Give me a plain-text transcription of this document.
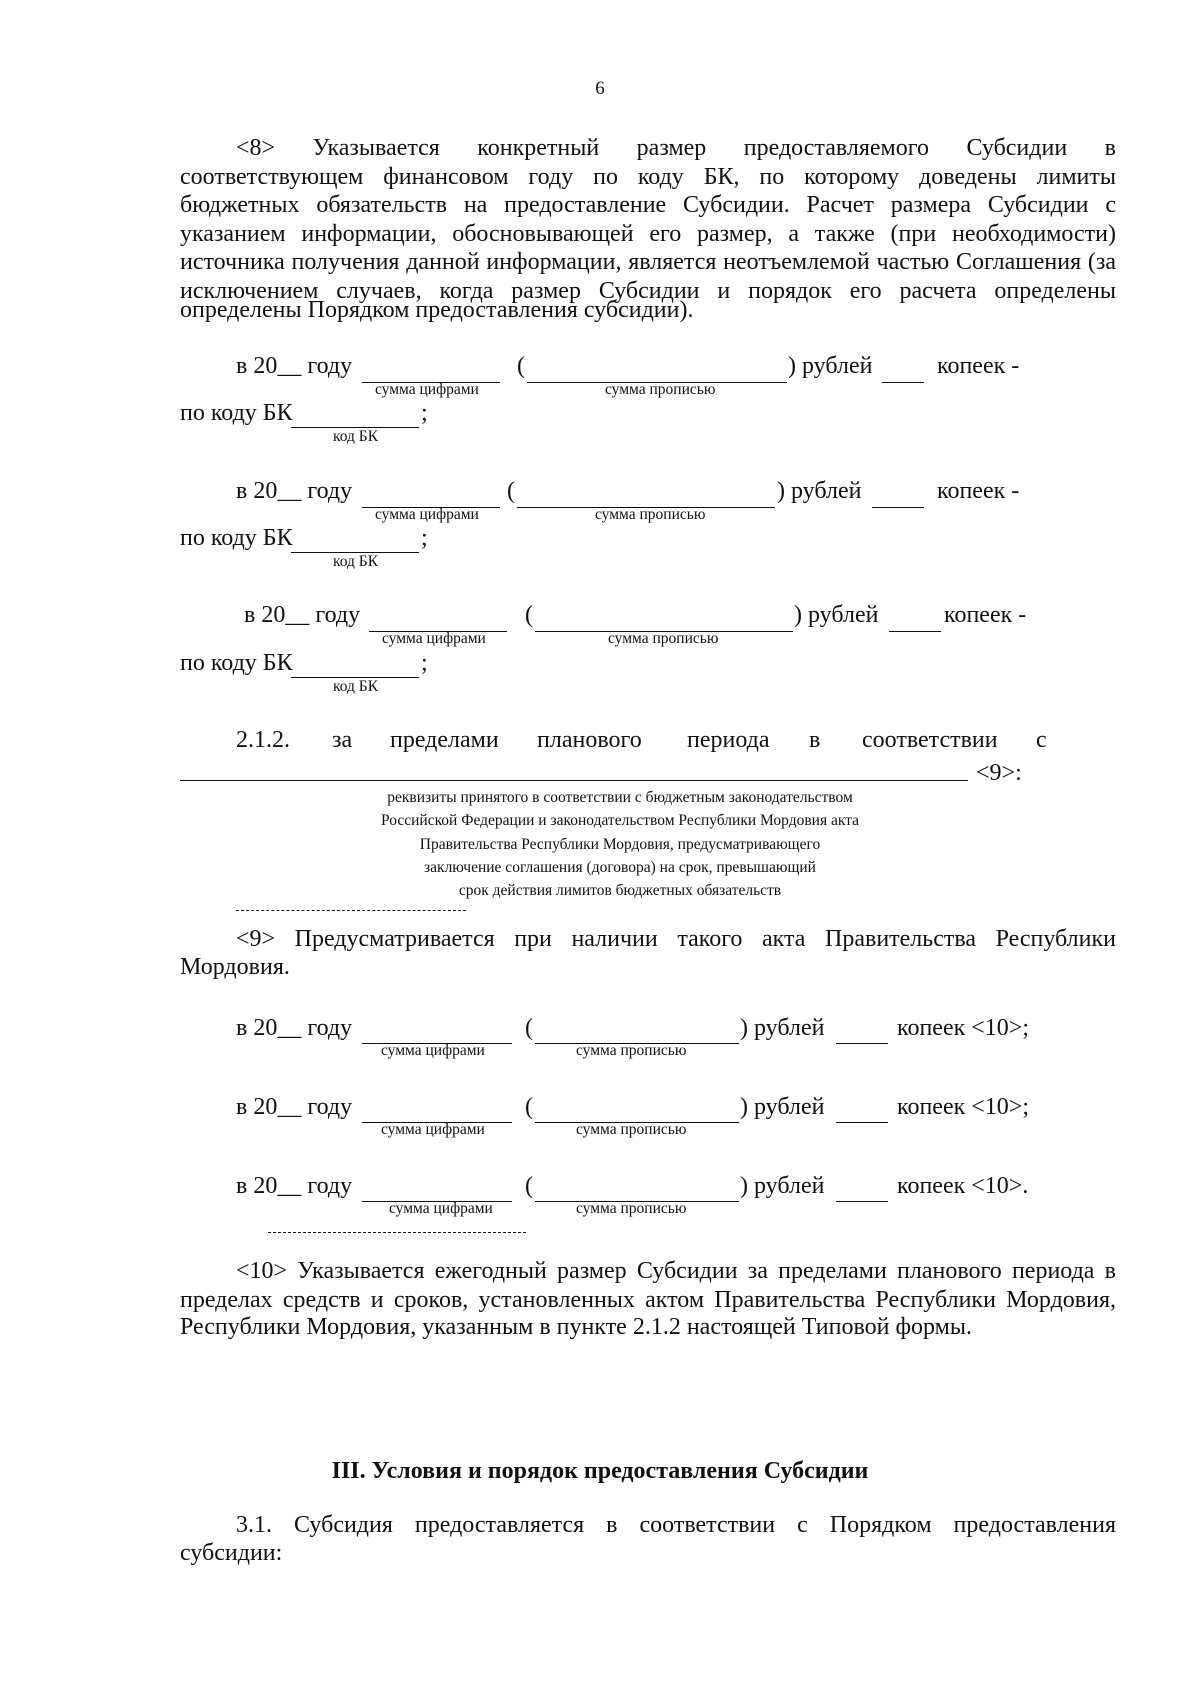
6
<8> Указывается конкретный размер предоставляемого Субсидии в соответствующем финансовом году по коду БК, по которому доведены лимиты бюджетных обязательств на предоставление Субсидии. Расчет размера Субсидии с указанием информации, обосновывающей его размер, а также (при необходимости) источника получения данной информации, является неотъемлемой частью Соглашения (за исключением случаев, когда размер Субсидии и порядок его расчета определены
определены Порядком предоставления субсидии).
в 20__ году	(	) рублей	копеек -
сумма цифрами	сумма прописью
по коду БК	;
код БК
в 20__ году	(	) рублей	копеек -
сумма цифрами	сумма прописью
по коду БК	;
код БК
в 20__ году	(	) рублей	копеек -
сумма цифрами	сумма прописью
по коду БК	;
код БК
2.1.2. за пределами планового периода в соответствии с
<9>:
реквизиты принятого в соответствии с бюджетным законодательством
Российской Федерации и законодательством Республики Мордовия акта
Правительства Республики Мордовия, предусматривающего
заключение соглашения (договора) на срок, превышающий
срок действия лимитов бюджетных обязательств
<9> Предусматривается при наличии такого акта Правительства Республики
Мордовия.
в 20__ году	(	) рублей	копеек <10>;
сумма цифрами	сумма прописью
в 20__ году	(	) рублей	копеек <10>;
сумма цифрами	сумма прописью
в 20__ году	(	) рублей	копеек <10>.
сумма цифрами	сумма прописью
<10> Указывается ежегодный размер Субсидии за пределами планового периода в пределах средств и сроков, установленных актом Правительства Республики Мордовия,
Республики Мордовия, указанным в пункте 2.1.2 настоящей Типовой формы.
III. Условия и порядок предоставления Субсидии
3.1. Субсидия предоставляется в соответствии с Порядком предоставления
субсидии:
